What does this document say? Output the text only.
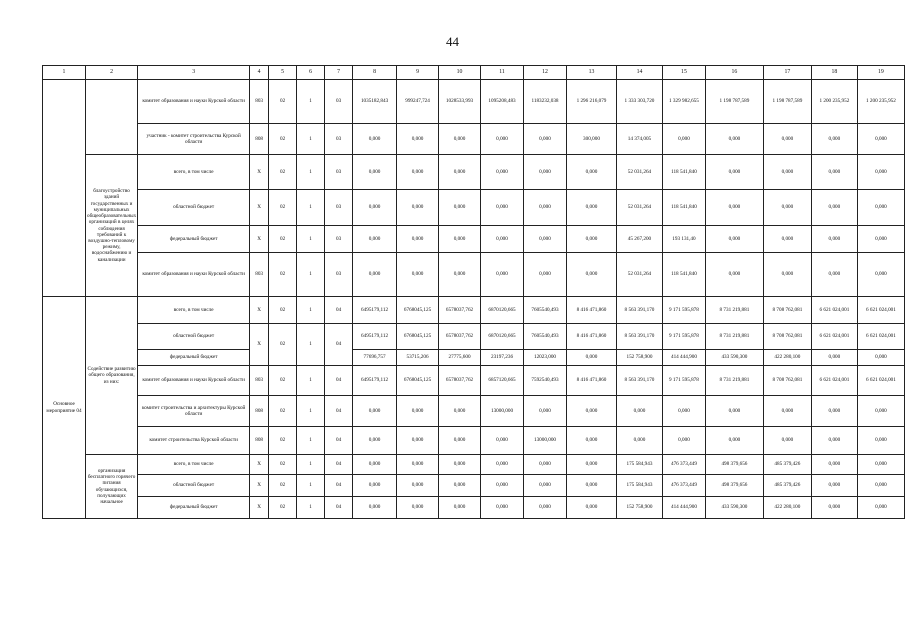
44
1	2	3	4	5	6	7	8	9	10	11	12	13	14	15	16	17	18	19
		комитет образования и науки Курской области	803	02	1	03	1035182,843	999247,724	1028533,993	1095208,483	1183232,038	1 296 216,079	1 333 303,720	1 329 982,655	1 198 787,589	1 198 787,589	1 200 235,952	1 200 235,952
		участник - комитет строительства Курской области	808	02	1	03	0,000	0,000	0,000	0,000	0,000	300,000	14 374,005	0,000	0,000	0,000	0,000	0,000
	благоустройство зданий государственных и муниципальных общеобразовательных организаций в целях соблюдения требований к воздушно-тепловому режиму, водоснабжению и канализации	всего, в том числе	Х	02	1	03	0,000	0,000	0,000	0,000	0,000	0,000	52 031,264	118 541,840	0,000	0,000	0,000	0,000
		областной бюджет	Х	02	1	03	0,000	0,000	0,000	0,000	0,000	0,000	52 031,264	118 541,840	0,000	0,000	0,000	0,000
		федеральный бюджет	Х	02	1	03	0,000	0,000	0,000	0,000	0,000	0,000	45 267,200	193 131,40	0,000	0,000	0,000	0,000
		комитет образования и науки Курской области	803	02	1	03	0,000	0,000	0,000	0,000	0,000	0,000	52 031,264	118 541,840	0,000	0,000	0,000	0,000
Основное мероприятие 04	Содействие развитию общего образования, из них:	всего, в том числе	Х	02	1	04	6495179,112	6768045,125	6578037,762	6870120,665	7605540,493	8 416 471,860	8 563 391,170	9 171 595,878	8 731 219,881	8 708 762,081	6 621 024,001	6 621 024,001
		областной бюджет	Х	02	1	04	6495179,112	6768045,125	6578037,762	6870120,665	7605540,493	8 416 471,860	8 563 391,170	9 171 595,878	8 731 219,881	8 708 762,081	6 621 024,001	6 621 024,001
		федеральный бюджет					77696,757	53715,206	27775,600	23197,236	12023,000	0,000	152 758,900	414 444,900	433 590,300	422 280,100	0,000	0,000
		комитет образования и науки Курской области	803	02	1	04	6495179,112	6768045,125	6578037,762	6857120,665	7592540,493	8 416 471,860	8 563 391,170	9 171 595,878	8 731 219,881	8 708 762,081	6 621 024,001	6 621 024,001
		комитет строительства и архитектуры Курской области	808	02	1	04	0,000	0,000	0,000	13000,000	0,000	0,000	0,000	0,000	0,000	0,000	0,000	0,000
		комитет строительства Курской области	808	02	1	04	0,000	0,000	0,000	0,000	13000,000	0,000	0,000	0,000	0,000	0,000	0,000	0,000
	организация бесплатного горячего питания обучающихся, получающих начальное	всего, в том числе	Х	02	1	04	0,000	0,000	0,000	0,000	0,000	0,000	175 584,943	476 373,449	498 379,656	485 379,426	0,000	0,000
		областной бюджет	Х	02	1	04	0,000	0,000	0,000	0,000	0,000	0,000	175 584,943	476 373,449	498 379,656	485 379,426	0,000	0,000
		федеральный бюджет	Х	02	1	04	0,000	0,000	0,000	0,000	0,000	0,000	152 758,900	414 444,900	433 590,300	422 280,100	0,000	0,000
